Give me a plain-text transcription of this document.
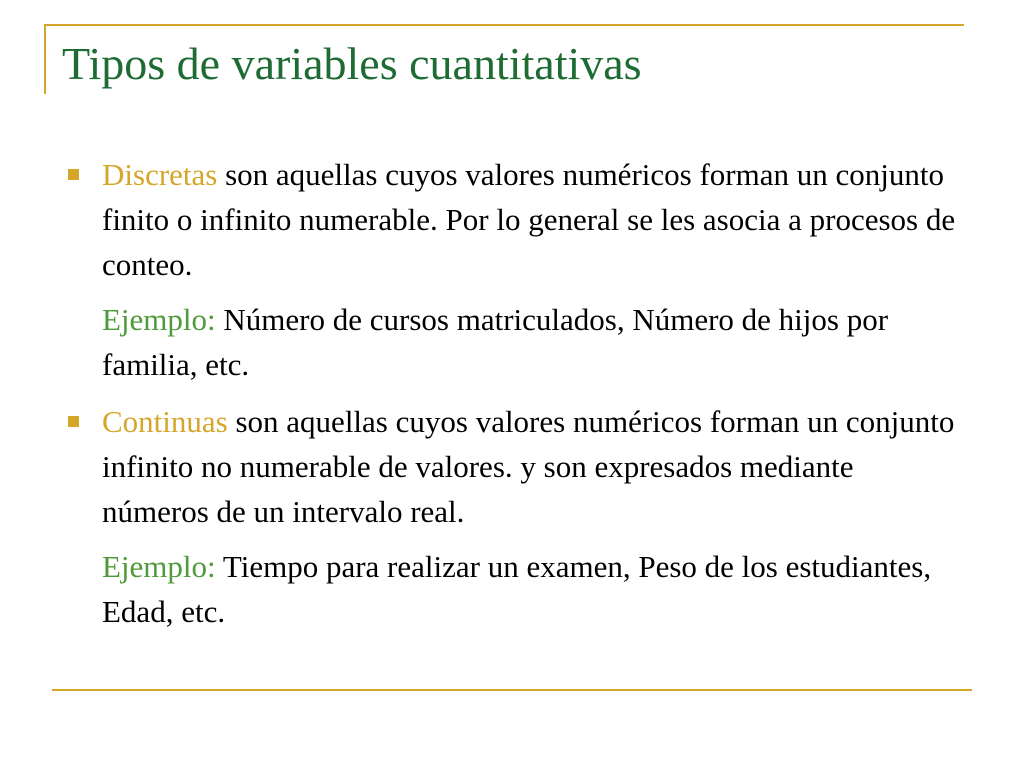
Tipos de variables cuantitativas
Discretas son aquellas cuyos valores numéricos forman un conjunto finito o infinito numerable. Por lo general se les asocia a procesos de conteo.
Ejemplo: Número de cursos matriculados, Número de hijos por familia, etc.
Continuas son aquellas cuyos valores numéricos forman un conjunto infinito no numerable de valores. y son expresados mediante números de un intervalo real.
Ejemplo: Tiempo para realizar un examen, Peso de los estudiantes, Edad, etc.
